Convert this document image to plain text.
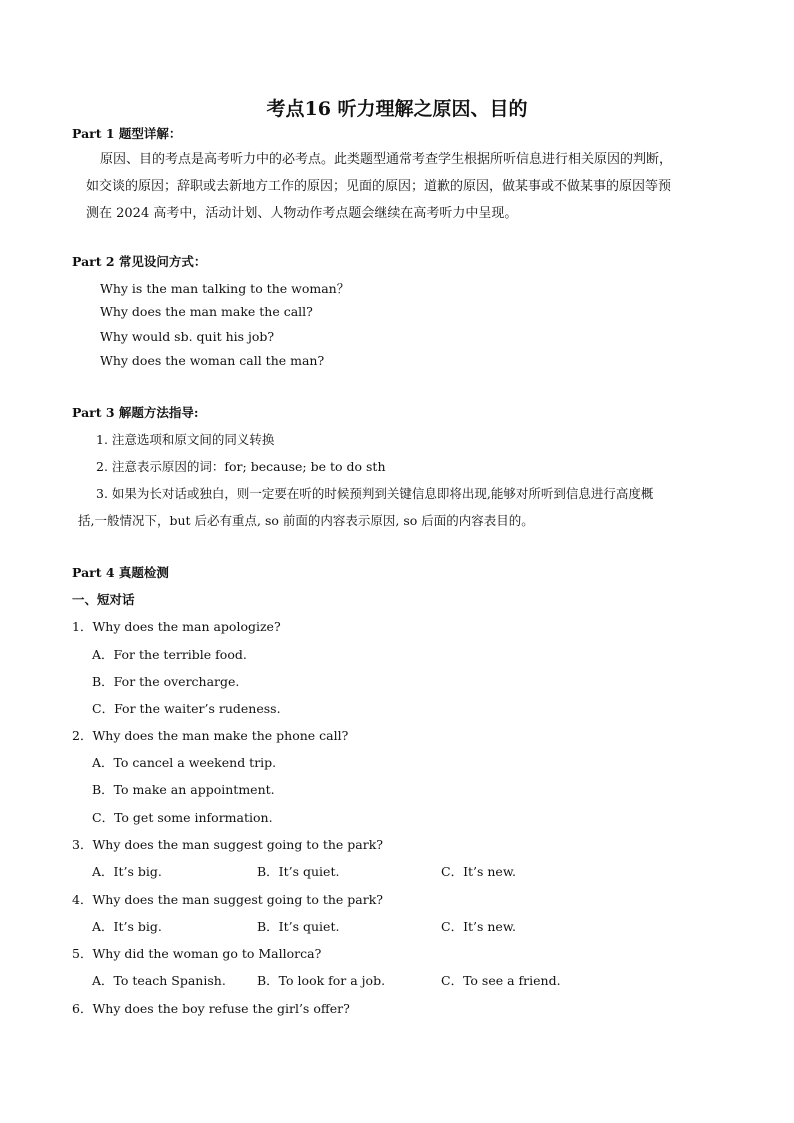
考点16 听力理解之原因、目的
Part 1 题型详解：
原因、目的考点是高考听力中的必考点。此类题型通常考查学生根据所听信息进行相关原因的判断，
如交谈的原因；辞职或去新地方工作的原因；见面的原因；道歉的原因，做某事或不做某事的原因等预
测在 2024 高考中，活动计划、人物动作考点题会继续在高考听力中呈现。
Part 2 常见设问方式：
Why is the man talking to the woman？
Why does the man make the call?
Why would sb. quit his job?
Why does the woman call the man?
Part 3 解题方法指导:
1. 注意选项和原文间的同义转换
2. 注意表示原因的词：for; because; be to do sth
3. 如果为长对话或独白，则一定要在听的时候预判到关键信息即将出现,能够对所听到信息进行高度概
括,一般情况下，but 后必有重点, so 前面的内容表示原因, so 后面的内容表目的。
Part 4 真题检测
一、短对话
1．Why does the man apologize?
A．For the terrible food.
B．For the overcharge.
C．For the waiter’s rudeness.
2．Why does the man make the phone call?
A．To cancel a weekend trip.
B．To make an appointment.
C．To get some information.
3．Why does the man suggest going to the park?
A．It’s big.	B．It’s quiet.	C．It’s new.
4．Why does the man suggest going to the park?
A．It’s big.	B．It’s quiet.	C．It’s new.
5．Why did the woman go to Mallorca?
A．To teach Spanish. B．To look for a job.	C．To see a friend.
6．Why does the boy refuse the girl’s offer?
